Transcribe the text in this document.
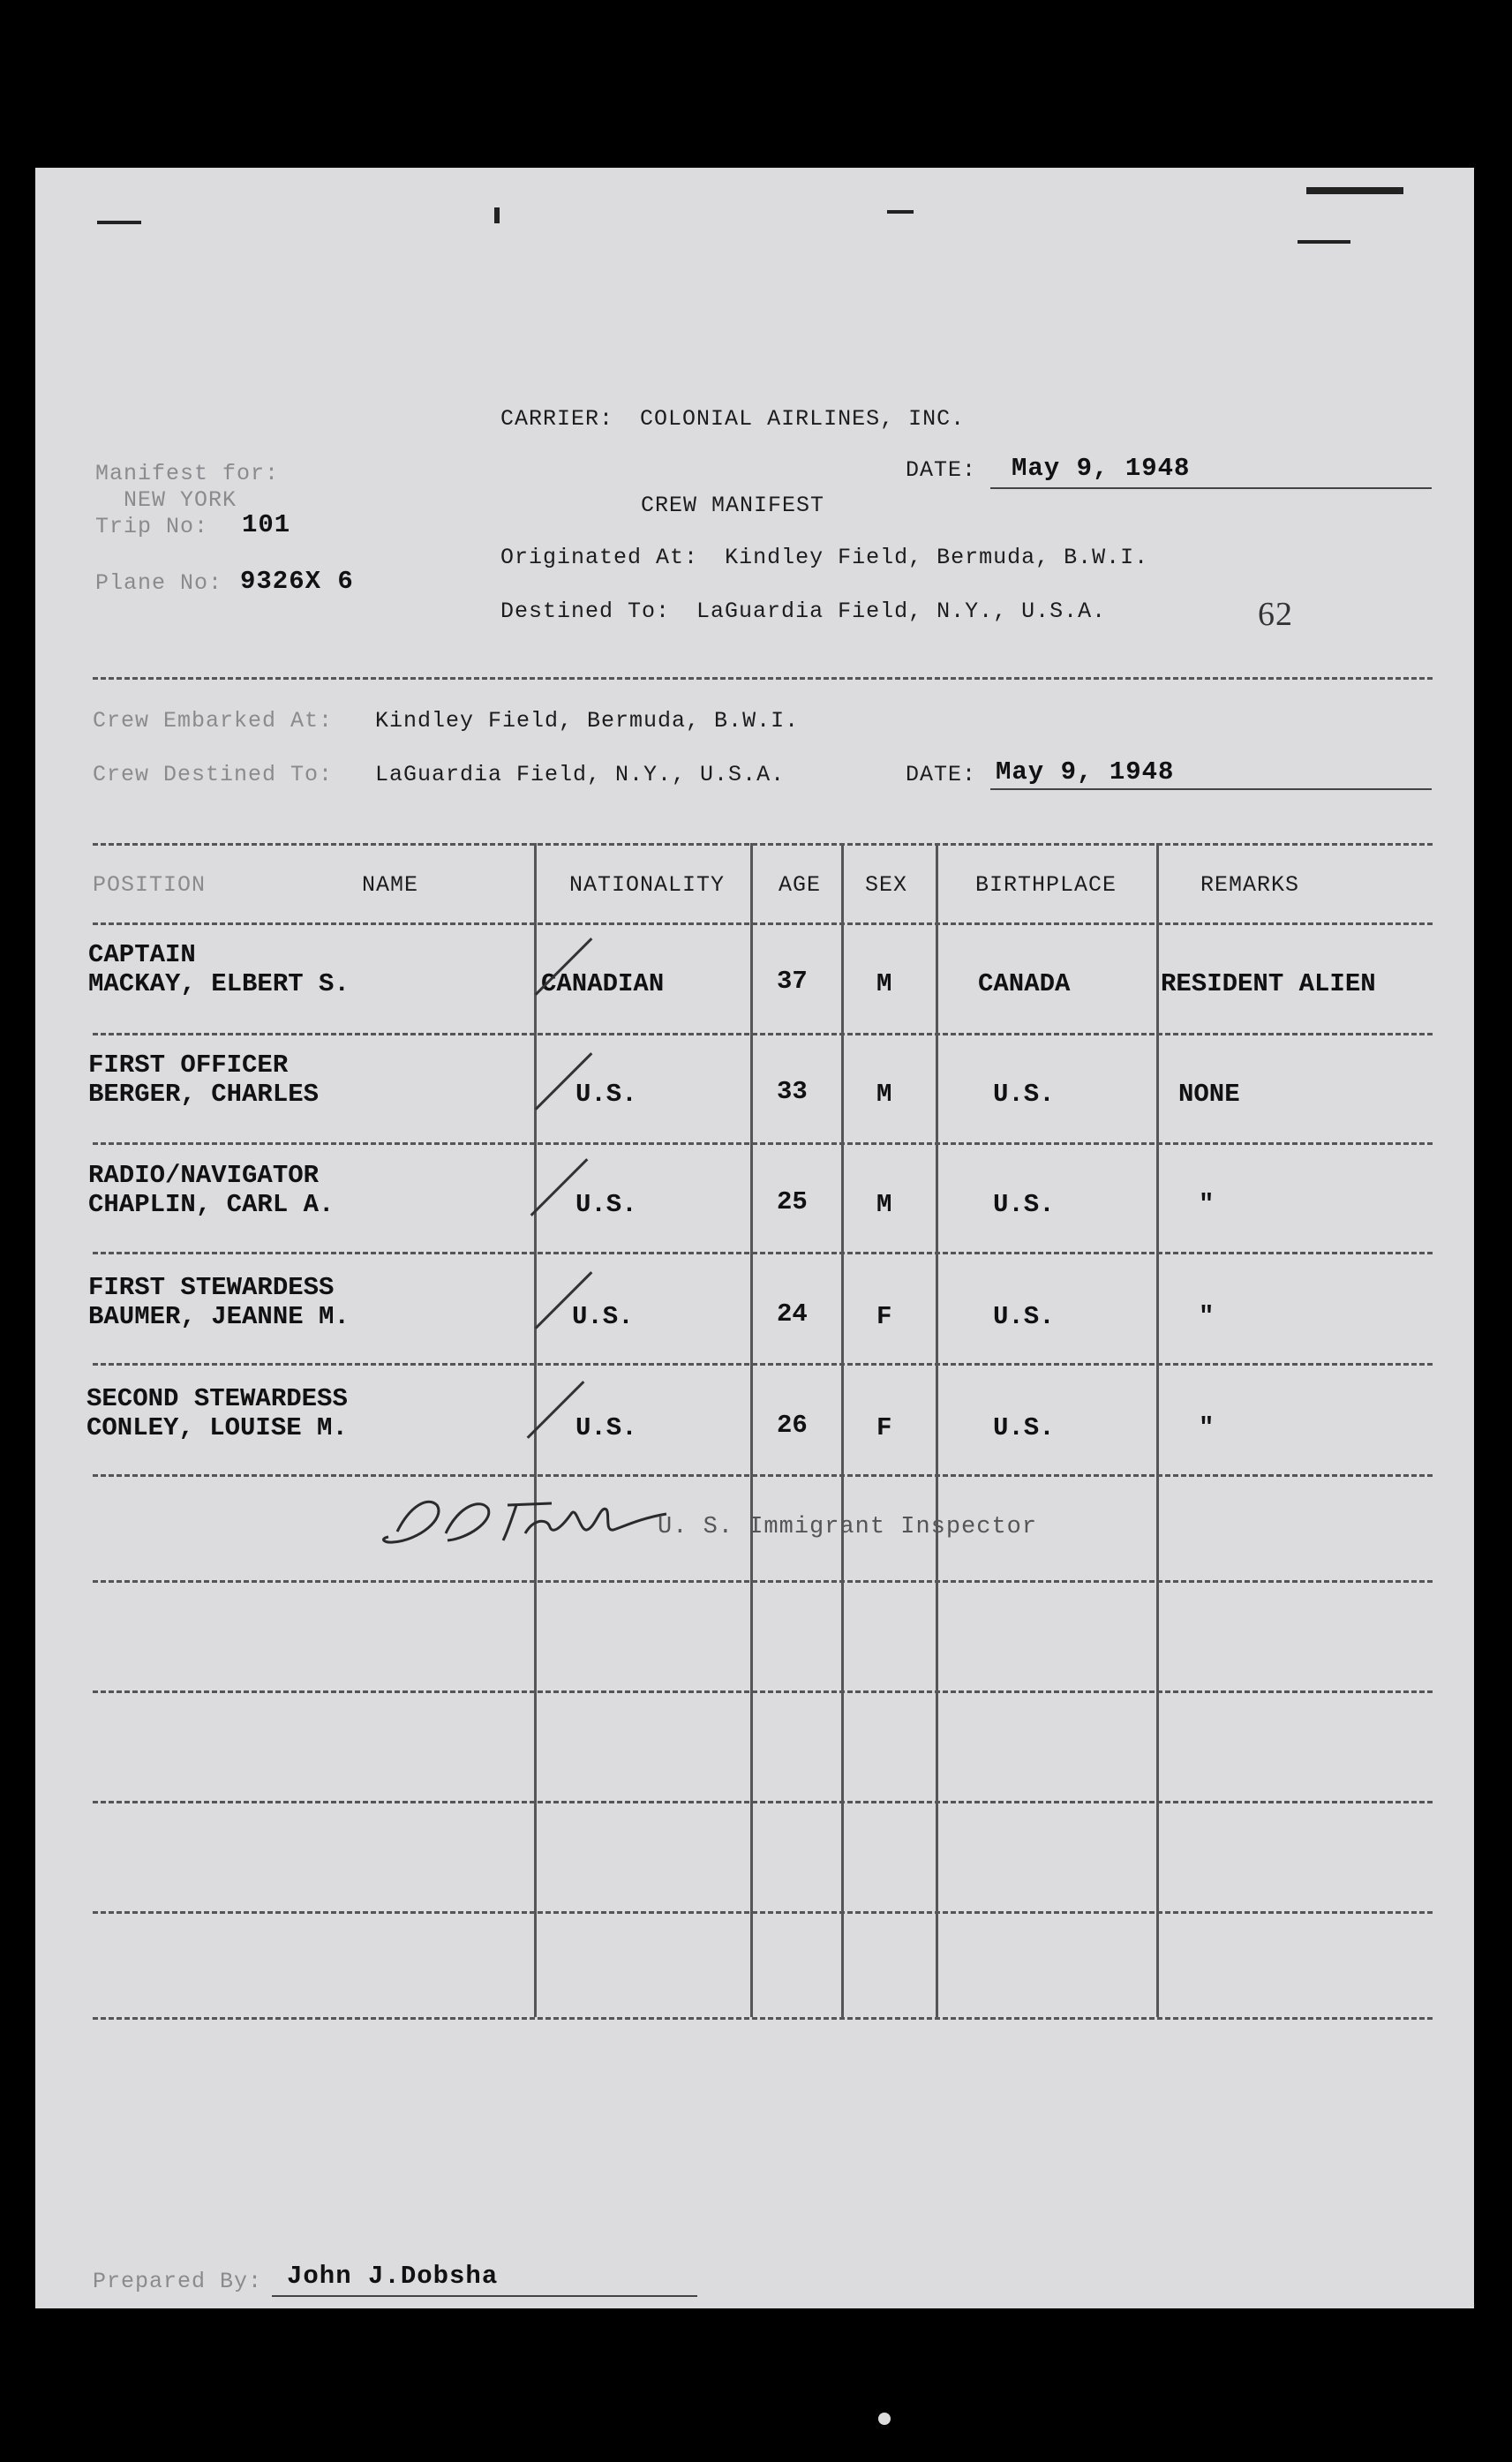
CARRIER: COLONIAL AIRLINES, INC.
Manifest for:
NEW YORK
Trip No: 101
Plane No: 9326X 6
DATE: May 9, 1948
CREW MANIFEST
Originated At: Kindley Field, Bermuda, B.W.I.
Destined To: LaGuardia Field, N.Y., U.S.A.	62
Crew Embarked At: Kindley Field, Bermuda, B.W.I.
Crew Destined To: LaGuardia Field, N.Y., U.S.A.	DATE: May 9, 1948
POSITION	NAME	NATIONALITY AGE SEX	BIRTHPLACE	REMARKS
CAPTAIN
MACKAY, ELBERT S.	CANADIAN	37	M	CANADA	RESIDENT ALIEN
FIRST OFFICER
BERGER, CHARLES	U.S.	33	M	U.S.	NONE
RADIO/NAVIGATOR
CHAPLIN, CARL A.	U.S.	25	M	U.S.	"
FIRST STEWARDESS
BAUMER, JEANNE M.	U.S.	24	F	U.S.	"
SECOND STEWARDESS
CONLEY, LOUISE M.	U.S.	26	F	U.S.	"
U. S. Immigrant Inspector
Prepared By: John J.Dobsha
